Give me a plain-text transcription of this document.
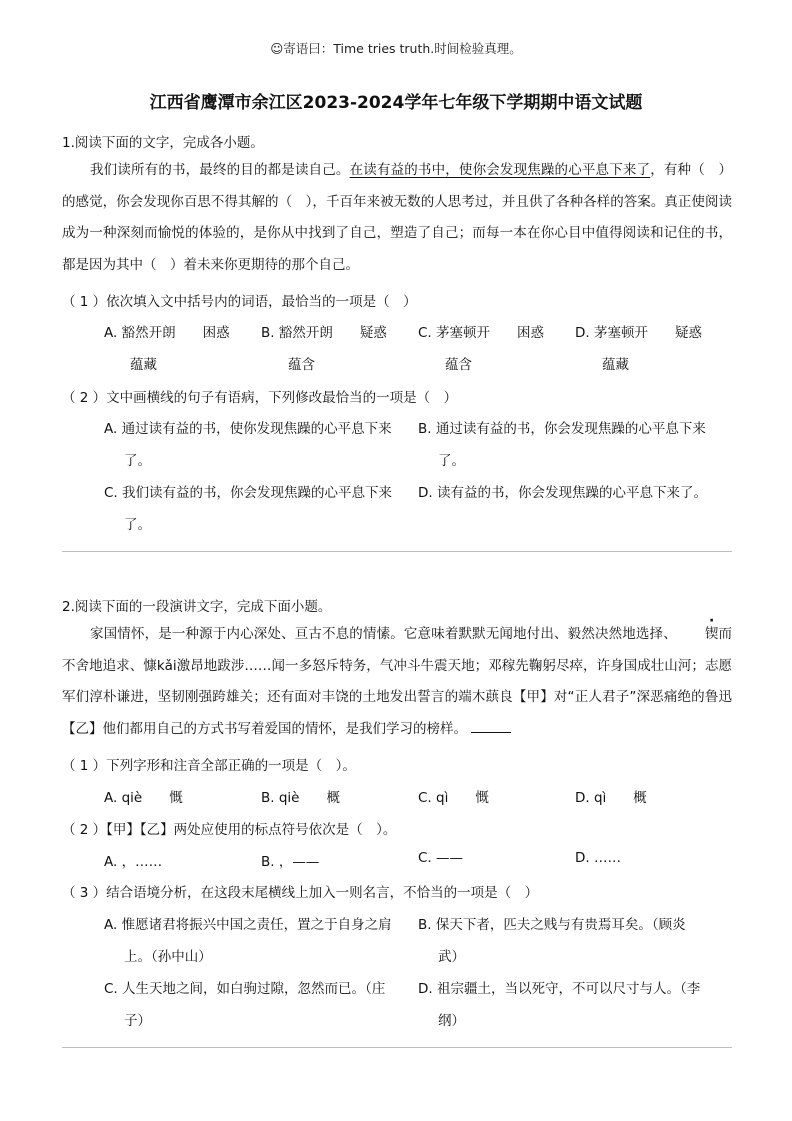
☺寄语曰：Time tries truth.时间检验真理。
江西省鹰潭市余江区2023-2024学年七年级下学期期中语文试题
1.阅读下面的文字，完成各小题。
我们读所有的书，最终的目的都是读自己。在读有益的书中，使你会发现焦躁的心平息下来了，有种（　）的感觉，你会发现你百思不得其解的（　），千百年来被无数的人思考过，并且供了各种各样的答案。真正使阅读成为一种深刻而愉悦的体验的，是你从中找到了自己，塑造了自己；而每一本在你心目中值得阅读和记住的书，都是因为其中（　）着未来你更期待的那个自己。
（ 1 ）依次填入文中括号内的词语，最恰当的一项是（　）
A. 豁然开朗　　困惑
蕴藏
B. 豁然开朗　　疑惑
蕴含
C. 茅塞顿开　　困惑
蕴含
D. 茅塞顿开　　疑惑
蕴藏
（ 2 ）文中画横线的句子有语病，下列修改最恰当的一项是（　）
A. 通过读有益的书，使你发现焦躁的心平息下来
了。
B. 通过读有益的书，你会发现焦躁的心平息下来
了。
C. 我们读有益的书，你会发现焦躁的心平息下来
了。
D. 读有益的书，你会发现焦躁的心平息下来了。
2.阅读下面的一段演讲文字，完成下面小题。
家国情怀，是一种源于内心深处、亘古不息的情愫。它意味着默默无闻地付出、毅然决然地选择、 锲而不舍地追求、慷kǎi激昂地跋涉……闻一多怒斥特务，气冲斗牛震天地；邓稼先鞠躬尽瘁，许身国成壮山河；志愿军们淳朴谦进，坚韧刚强跨雄关；还有面对丰饶的土地发出誓言的端木蕻良【甲】对“正人君子”深恶痛绝的鲁迅【乙】他们都用自己的方式书写着爱国的情怀，是我们学习的榜样。
（ 1 ）下列字形和注音全部正确的一项是（　）。
A. qiè　　慨	B. qiè　　概	C. qì　　慨	D. qì　　概
（ 2 ）【甲】【乙】两处应使用的标点符号依次是（　）。
A. ，……	B. ，——	C. ——	D. ……
（ 3 ）结合语境分析，在这段末尾横线上加入一则名言，不恰当的一项是（　）
A. 惟愿诸君将振兴中国之责任，置之于自身之肩
上。（孙中山）
B. 保天下者，匹夫之贱与有贵焉耳矣。（顾炎
武）
C. 人生天地之间，如白驹过隙，忽然而已。（庄
子）
D. 祖宗疆土，当以死守，不可以尺寸与人。（李
纲）
